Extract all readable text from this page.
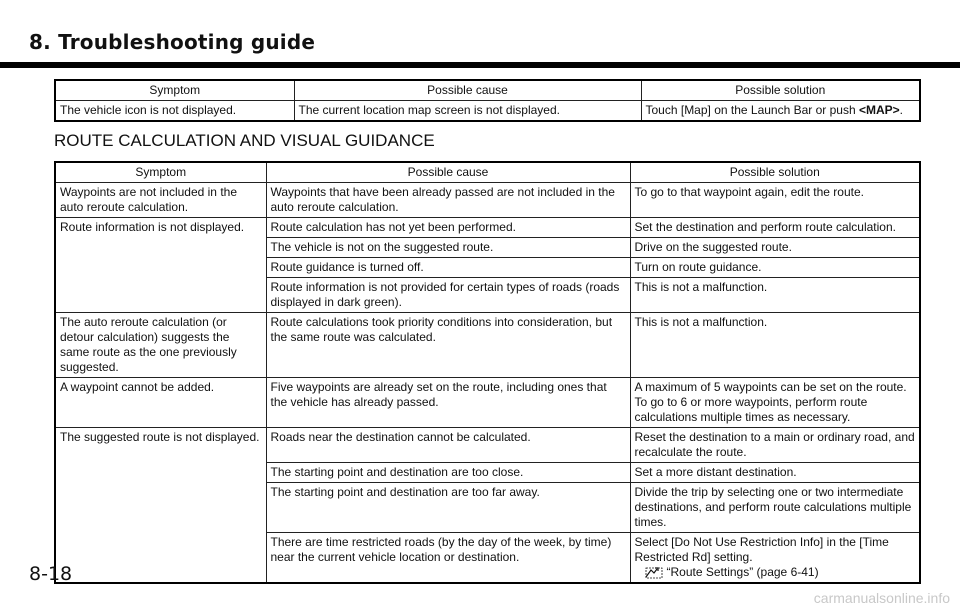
8. Troubleshooting guide
Symptom	Possible cause	Possible solution
The vehicle icon is not displayed.	The current location map screen is not displayed.	Touch [Map] on the Launch Bar or push <MAP>.
ROUTE CALCULATION AND VISUAL GUIDANCE
Symptom	Possible cause	Possible solution
Waypoints are not included in the auto reroute calculation.	Waypoints that have been already passed are not included in the auto reroute calculation.	To go to that waypoint again, edit the route.
Route information is not displayed.	Route calculation has not yet been performed.	Set the destination and perform route calculation.
	The vehicle is not on the suggested route.	Drive on the suggested route.
	Route guidance is turned off.	Turn on route guidance.
	Route information is not provided for certain types of roads (roads displayed in dark green).	This is not a malfunction.
The auto reroute calculation (or detour calculation) suggests the same route as the one previously suggested.	Route calculations took priority conditions into consideration, but the same route was calculated.	This is not a malfunction.
A waypoint cannot be added.	Five waypoints are already set on the route, including ones that the vehicle has already passed.	A maximum of 5 waypoints can be set on the route. To go to 6 or more waypoints, perform route calculations multiple times as necessary.
The suggested route is not displayed.	Roads near the destination cannot be calculated.	Reset the destination to a main or ordinary road, and recalculate the route.
	The starting point and destination are too close.	Set a more distant destination.
	The starting point and destination are too far away.	Divide the trip by selecting one or two intermediate destinations, and perform route calculations multiple times.
	There are time restricted roads (by the day of the week, by time) near the current vehicle location or destination.	Select [Do Not Use Restriction Info] in the [Time Restricted Rd] setting.
“Route Settings” (page 6-41)
8-18
carmanualsonline.info
